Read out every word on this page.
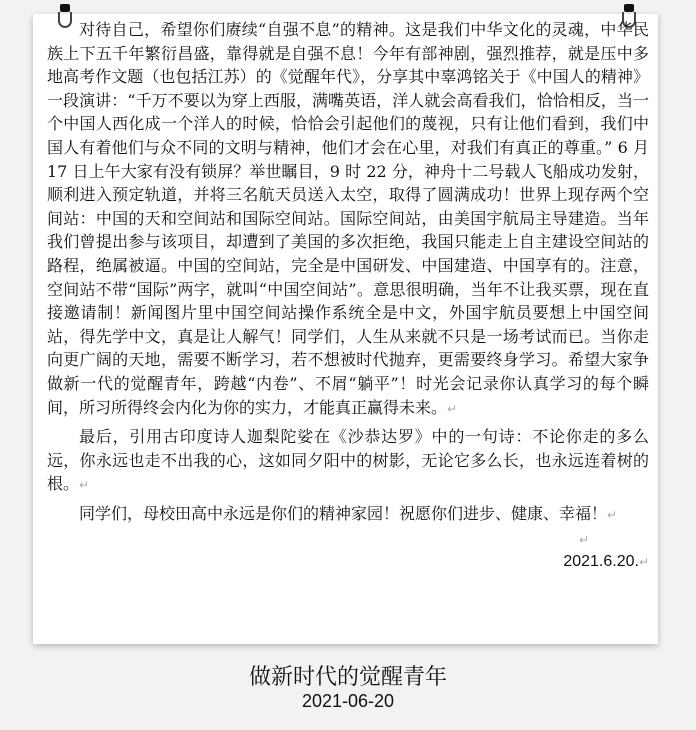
对待自己，希望你们赓续“自强不息”的精神。这是我们中华文化的灵魂，中华民族上下五千年繁衍昌盛，靠得就是自强不息！今年有部神剧，强烈推荐，就是压中多地高考作文题（也包括江苏）的《觉醒年代》，分享其中辜鸿铭关于《中国人的精神》一段演讲：“千万不要以为穿上西服，满嘴英语，洋人就会高看我们，恰恰相反，当一个中国人西化成一个洋人的时候，恰恰会引起他们的蔑视，只有让他们看到，我们中国人有着他们与众不同的文明与精神，他们才会在心里，对我们有真正的尊重。” 6 月 17 日上午大家有没有锁屏？举世瞩目，9 时 22 分，神舟十二号载人飞船成功发射，顺利进入预定轨道，并将三名航天员送入太空，取得了圆满成功！世界上现存两个空间站：中国的天和空间站和国际空间站。国际空间站，由美国宇航局主导建造。当年我们曾提出参与该项目，却遭到了美国的多次拒绝，我国只能走上自主建设空间站的路程，绝属被逼。中国的空间站，完全是中国研发、中国建造、中国享有的。注意，空间站不带“国际”两字，就叫“中国空间站”。意思很明确，当年不让我买票，现在直接邀请制！新闻图片里中国空间站操作系统全是中文，外国宇航员要想上中国空间站，得先学中文，真是让人解气！同学们，人生从来就不只是一场考试而已。当你走向更广阔的天地，需要不断学习，若不想被时代抛弃，更需要终身学习。希望大家争做新一代的觉醒青年，跨越“内卷”、不屑“躺平”！时光会记录你认真学习的每个瞬间，所习所得终会内化为你的实力，才能真正赢得未来。↵

最后，引用古印度诗人迦梨陀娑在《沙恭达罗》中的一句诗：不论你走的多么远，你永远也走不出我的心，这如同夕阳中的树影，无论它多么长，也永远连着树的根。↵

同学们，母校田高中永远是你们的精神家园！祝愿你们进步、健康、幸福！↵

↵
2021.6.20.↵
做新时代的觉醒青年
2021-06-20
